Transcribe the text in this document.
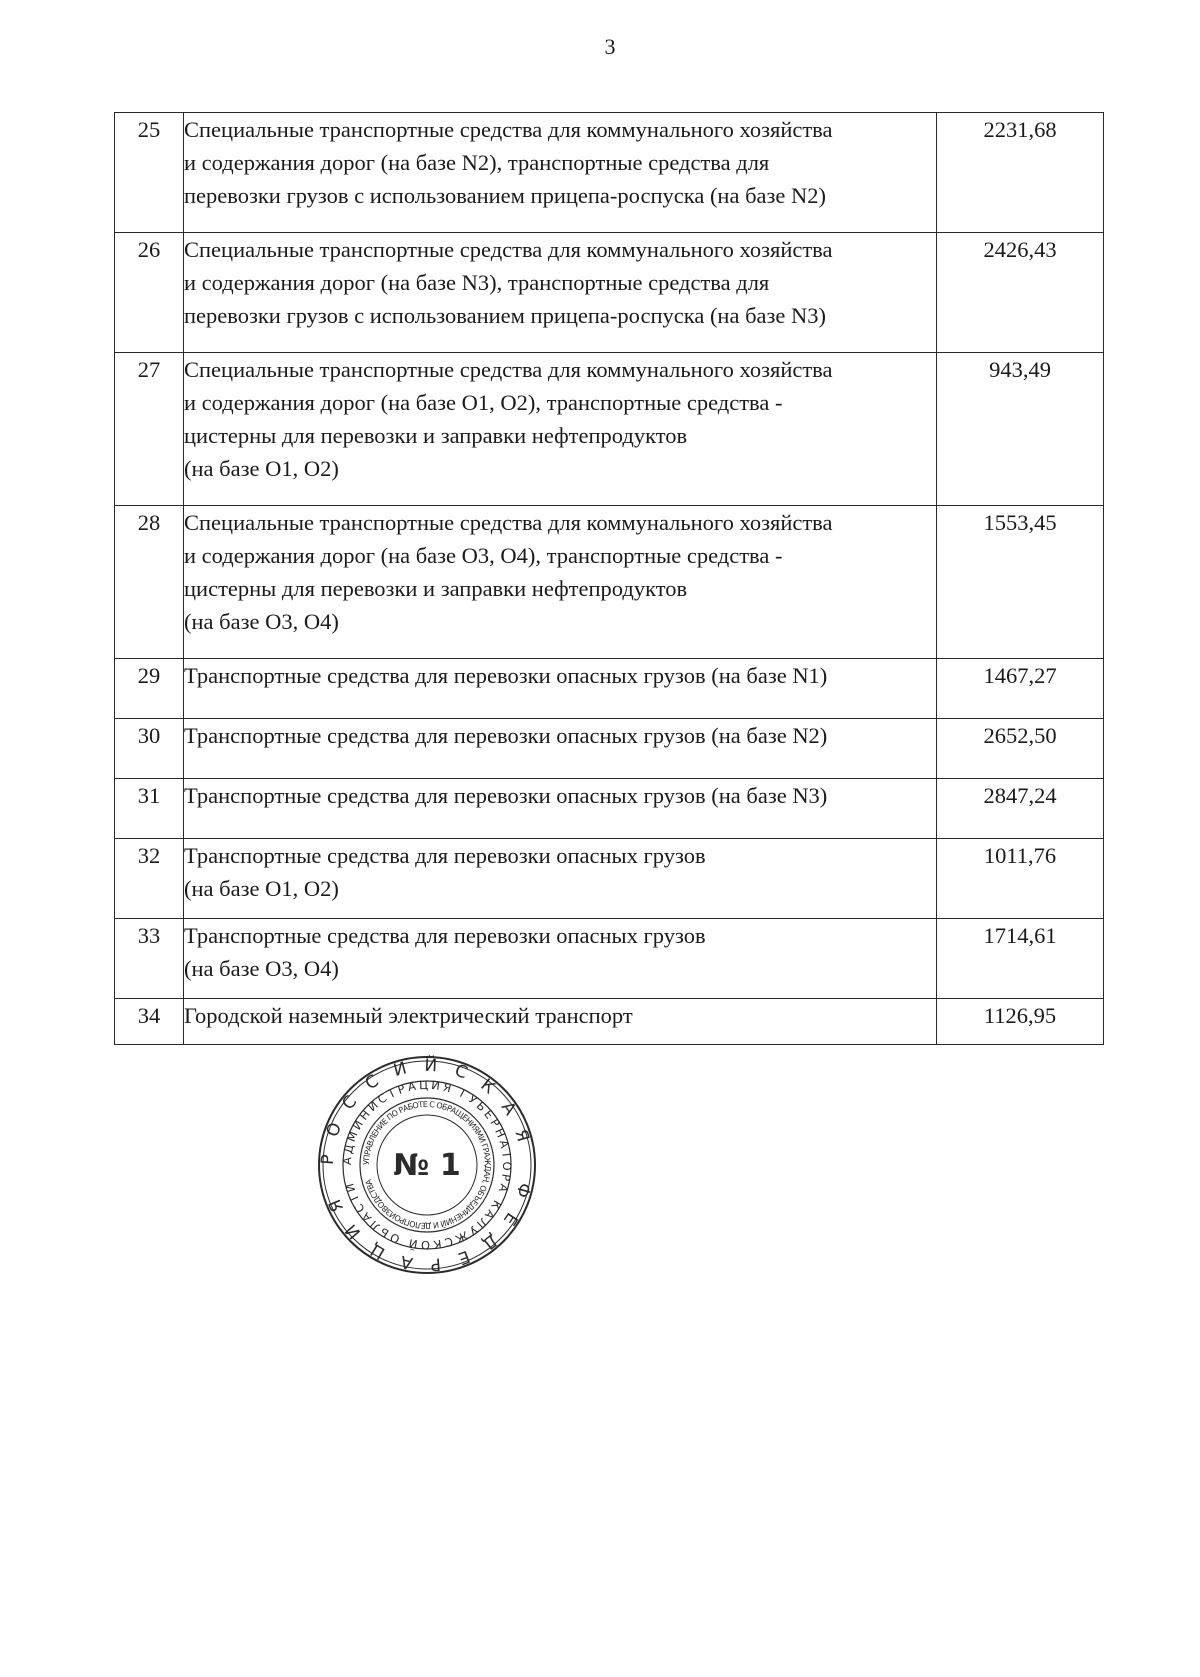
3
25	Специальные транспортные средства для коммунального хозяйства
и содержания дорог (на базе N2), транспортные средства для
перевозки грузов с использованием прицепа-роспуска (на базе N2)	2231,68
26	Специальные транспортные средства для коммунального хозяйства
и содержания дорог (на базе N3), транспортные средства для
перевозки грузов с использованием прицепа-роспуска (на базе N3)	2426,43
27	Специальные транспортные средства для коммунального хозяйства
и содержания дорог (на базе O1, O2), транспортные средства -
цистерны для перевозки и заправки нефтепродуктов
(на базе O1, O2)	943,49
28	Специальные транспортные средства для коммунального хозяйства
и содержания дорог (на базе O3, O4), транспортные средства -
цистерны для перевозки и заправки нефтепродуктов
(на базе O3, O4)	1553,45
29	Транспортные средства для перевозки опасных грузов (на базе N1)	1467,27
30	Транспортные средства для перевозки опасных грузов (на базе N2)	2652,50
31	Транспортные средства для перевозки опасных грузов (на базе N3)	2847,24
32	Транспортные средства для перевозки опасных грузов
(на базе O1, O2)	1011,76
33	Транспортные средства для перевозки опасных грузов
(на базе O3, O4)	1714,61
34	Городской наземный электрический транспорт	1126,95
РОССИЙСКАЯ ФЕДЕРАЦИЯ
АДМИНИСТРАЦИЯ ГУБЕРНАТОРА КАЛУЖСКОЙ ОБЛАСТИ
УПРАВЛЕНИЕ ПО РАБОТЕ С ОБРАЩЕНИЯМИ ГРАЖДАН, ОБЪЕДИНЕНИЙ И ДЕЛОПРОИЗВОДСТВА № 1
